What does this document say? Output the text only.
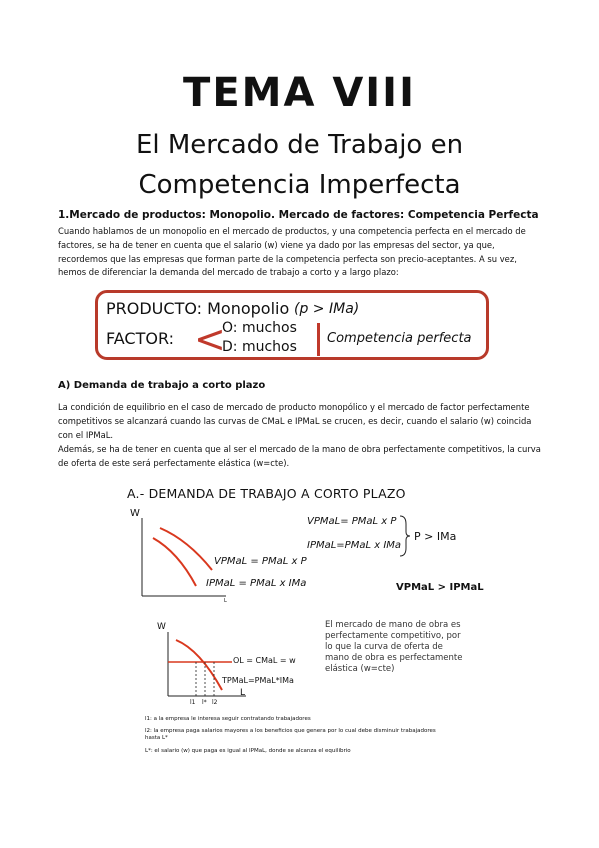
TEMA VIII
El Mercado de Trabajo en
Competencia Imperfecta
1.Mercado de productos: Monopolio. Mercado de factores: Competencia Perfecta
Cuando hablamos de un monopolio en el mercado de productos, y una competencia perfecta en el mercado de factores, se ha de tener en cuenta que el salario (w) viene ya dado por las empresas del sector, ya que, recordemos que las empresas que forman parte de la competencia perfecta son precio-aceptantes. A su vez, hemos de diferenciar la demanda del mercado de trabajo a corto y a largo plazo:
PRODUCTO: Monopolio (p > IMa)
FACTOR: <
O: muchos
D: muchos
Competencia perfecta
A) Demanda de trabajo a corto plazo
La condición de equilibrio en el caso de mercado de producto monopólico y el mercado de factor perfectamente competitivos se alcanzará cuando las curvas de CMaL e IPMaL se crucen, es decir, cuando el salario (w) coincida con el IPMaL.
Además, se ha de tener en cuenta que al ser el mercado de la mano de obra perfectamente competitivos, la curva de oferta de este será perfectamente elástica (w=cte).
A.- DEMANDA DE TRABAJO A CORTO PLAZO
W
L
VPMaL = PMaL x P
IPMaL = PMaL x IMa
VPMaL= PMaL x P
IPMaL=PMaL x IMa
P > IMa
VPMaL > IPMaL
W
L
OL = CMaL = w
TPMaL=PMaL*IMa
l1 l* l2
El mercado de mano de obra es perfectamente competitivo, por lo que la curva de oferta de mano de obra es perfectamente elástica (w=cte)
l1: a la empresa le interesa seguir contratando trabajadores
l2: la empresa paga salarios mayores a los beneficios que genera por lo cual debe disminuir trabajadores hasta L*
L*: el salario (w) que paga es igual al IPMaL, donde se alcanza el equilibrio
